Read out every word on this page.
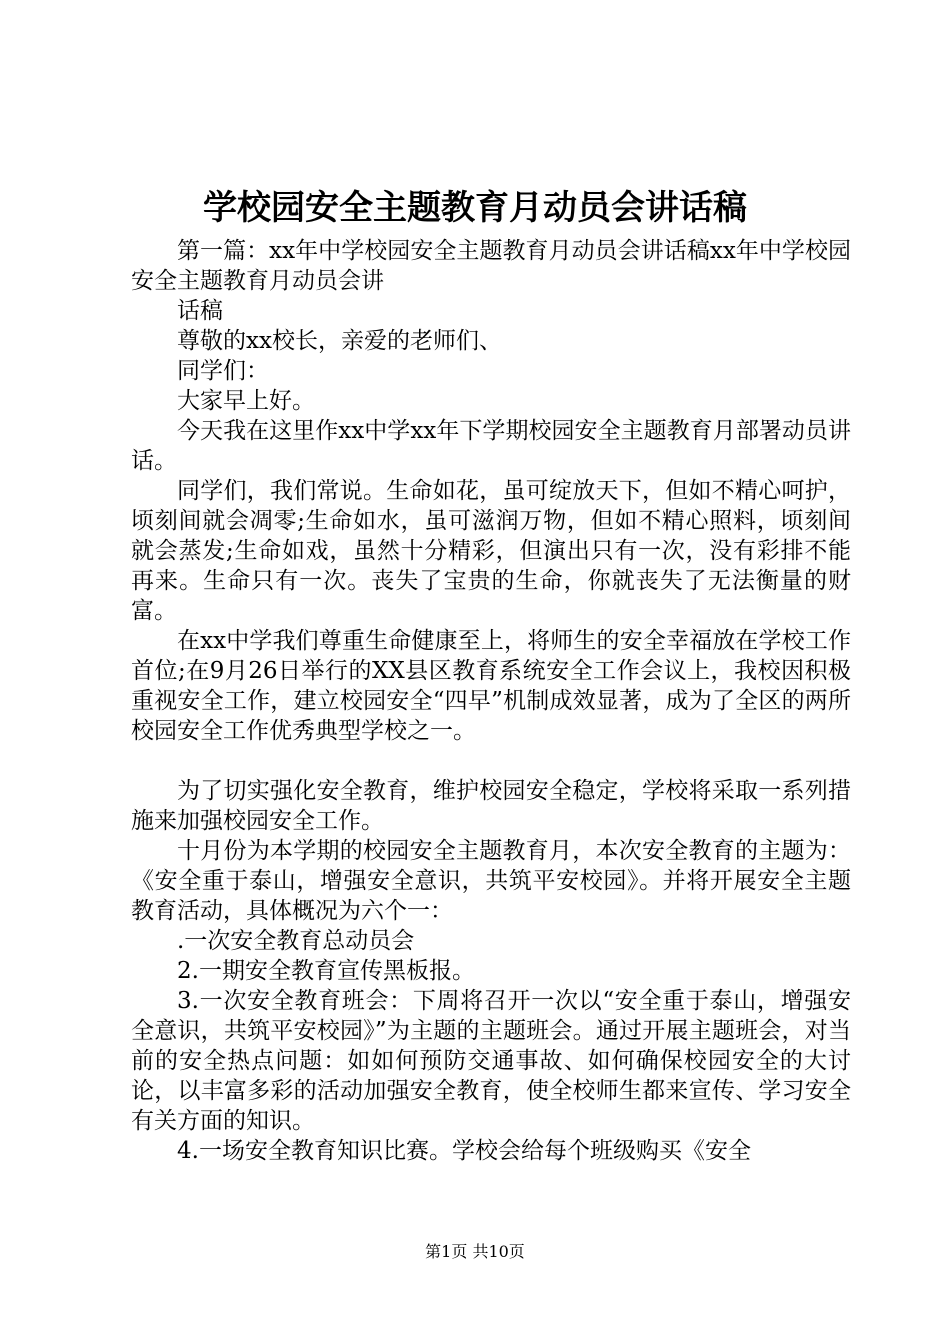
学校园安全主题教育月动员会讲话稿

第一篇：xx年中学校园安全主题教育月动员会讲话稿xx年中学校园安全主题教育月动员会讲

话稿

尊敬的xx校长，亲爱的老师们、

同学们：

大家早上好。

今天我在这里作xx中学xx年下学期校园安全主题教育月部署动员讲话。

同学们，我们常说。生命如花，虽可绽放天下，但如不精心呵护，顷刻间就会凋零;生命如水，虽可滋润万物，但如不精心照料，顷刻间就会蒸发;生命如戏，虽然十分精彩，但演出只有一次，没有彩排不能再来。生命只有一次。丧失了宝贵的生命，你就丧失了无法衡量的财富。

在xx中学我们尊重生命健康至上，将师生的安全幸福放在学校工作首位;在9月26日举行的XX县区教育系统安全工作会议上，我校因积极重视安全工作，建立校园安全“四早”机制成效显著，成为了全区的两所校园安全工作优秀典型学校之一。

为了切实强化安全教育，维护校园安全稳定，学校将采取一系列措施来加强校园安全工作。

十月份为本学期的校园安全主题教育月，本次安全教育的主题为：《安全重于泰山，增强安全意识，共筑平安校园》。并将开展安全主题教育活动，具体概况为六个一：

.一次安全教育总动员会

2.一期安全教育宣传黑板报。

3.一次安全教育班会：下周将召开一次以“安全重于泰山，增强安全意识，共筑平安校园》”为主题的主题班会。通过开展主题班会，对当前的安全热点问题：如如何预防交通事故、如何确保校园安全的大讨论，以丰富多彩的活动加强安全教育，使全校师生都来宣传、学习安全有关方面的知识。

4.一场安全教育知识比赛。学校会给每个班级购买《安全

第1页 共10页
